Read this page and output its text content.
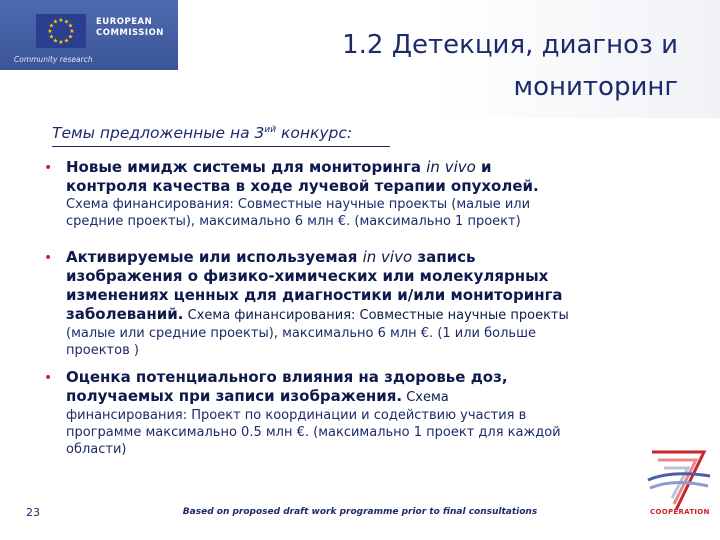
★ ★
★
★
★
★
★
★
★
★
★
★	EUROPEAN
COMMISSION
Community research	1.2 Детекция, диагноз и
мониторинг
Темы предложенные на $3^{ий}$ конкурс:
• Новые имидж системы для мониторинга in vivo и
контроля качества в ходе лучевой терапии опухолей.
Схема финансирования: Совместные научные проекты (малые или
средние проекты), максимально 6 млн €. (максимально 1 проект)
• Активируемые или используемая in vivo запись
изображения о физико-химических или молекулярных
изменениях ценных для диагностики и/или мониторинга
заболеваний. Схема финансирования: Совместные научные проекты
(малые или средние проекты), максимально 6 млн €. (1 или больше
проектов )
• Оценка потенциального влияния на здоровье доз,
получаемых при записи изображения. Схема
финансирования: Проект по координации и содействию участия в
программе максимально 0.5 млн €. (максимально 1 проект для каждой
области)
23	Based on proposed draft work programme prior to final consultations	COOPERATION
